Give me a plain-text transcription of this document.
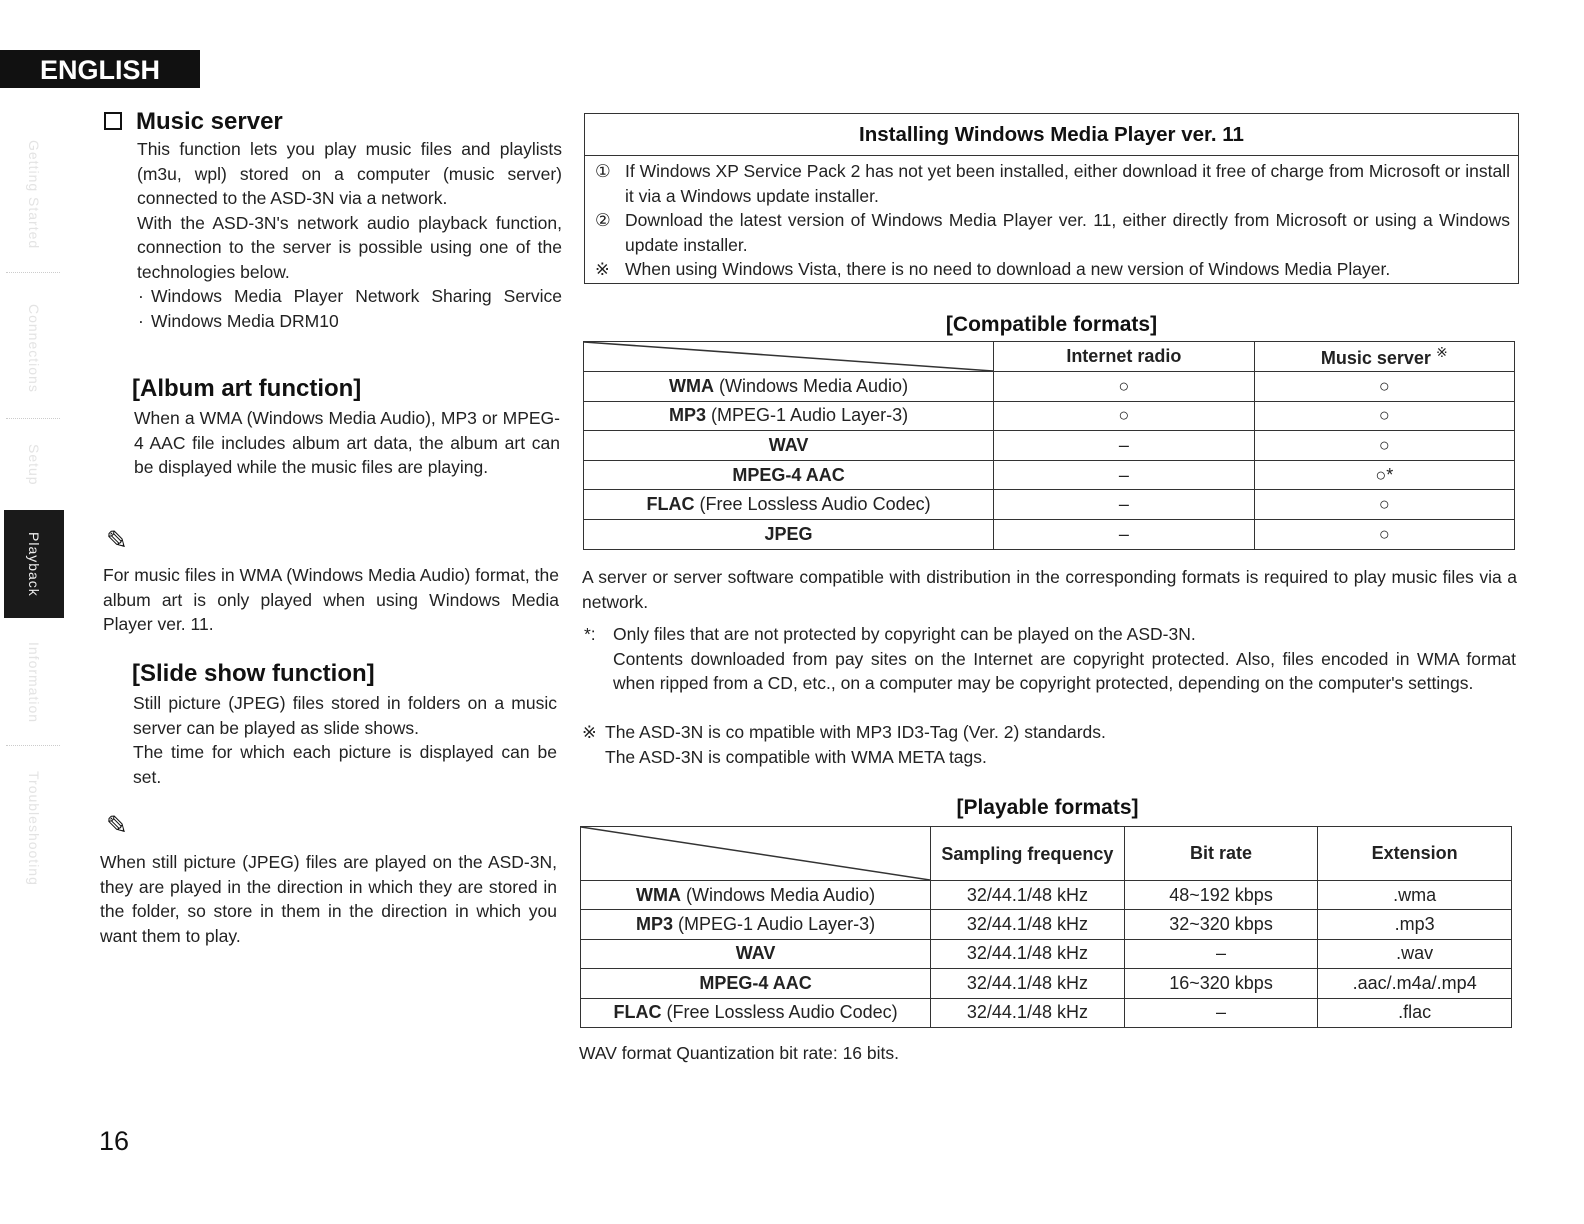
ENGLISH
Getting Started
Connections
Setup
Playback
Information
Troubleshooting
Music server

This function lets you play music files and playlists (m3u, wpl) stored on a computer (music server) connected to the ASD-3N via a network.

With the ASD-3N's network audio playback function, connection to the server is possible using one of the technologies below.

· Windows Media Player Network Sharing Service
· Windows Media DRM10
[Album art function]
When a WMA (Windows Media Audio), MP3 or MPEG-4 AAC file includes album art data, the album art can be displayed while the music files are playing.
✎
For music files in WMA (Windows Media Audio) format, the album art is only played when using Windows Media Player ver. 11.
[Slide show function]

Still picture (JPEG) files stored in folders on a music server can be played as slide shows.

The time for which each picture is displayed can be set.

✎
When still picture (JPEG) files are played on the ASD-3N, they are played in the direction in which they are stored in the folder, so store in them in the direction in which you want them to play.
Installing Windows Media Player ver. 11
① If Windows XP Service Pack 2 has not yet been installed, either download it free of charge from Microsoft or install it via a Windows update installer.
② Download the latest version of Windows Media Player ver. 11, either directly from Microsoft or using a Windows update installer.
※ When using Windows Vista, there is no need to download a new version of Windows Media Player.
[Compatible formats]
	Internet radio	Music server ※
WMA (Windows Media Audio)	○	○
MP3 (MPEG-1 Audio Layer-3)	○	○
WAV	–	○
MPEG-4 AAC	–	○*
FLAC (Free Lossless Audio Codec)	–	○
JPEG	–	○
A server or server software compatible with distribution in the corresponding formats is required to play music files via a network.
*: Only files that are not protected by copyright can be played on the ASD-3N.

Contents downloaded from pay sites on the Internet are copyright protected. Also, files encoded in WMA format when ripped from a CD, etc., on a computer may be copyright protected, depending on the computer's settings.

※ The ASD-3N is co mpatible with MP3 ID3-Tag (Ver. 2) standards.

The ASD-3N is compatible with WMA META tags.

[Playable formats]
	Sampling frequency	Bit rate	Extension
WMA (Windows Media Audio)	32/44.1/48 kHz	48~192 kbps	.wma
MP3 (MPEG-1 Audio Layer-3)	32/44.1/48 kHz	32~320 kbps	.mp3
WAV	32/44.1/48 kHz	–	.wav
MPEG-4 AAC	32/44.1/48 kHz	16~320 kbps	.aac/.m4a/.mp4
FLAC (Free Lossless Audio Codec)	32/44.1/48 kHz	–	.flac
WAV format Quantization bit rate: 16 bits.
16
